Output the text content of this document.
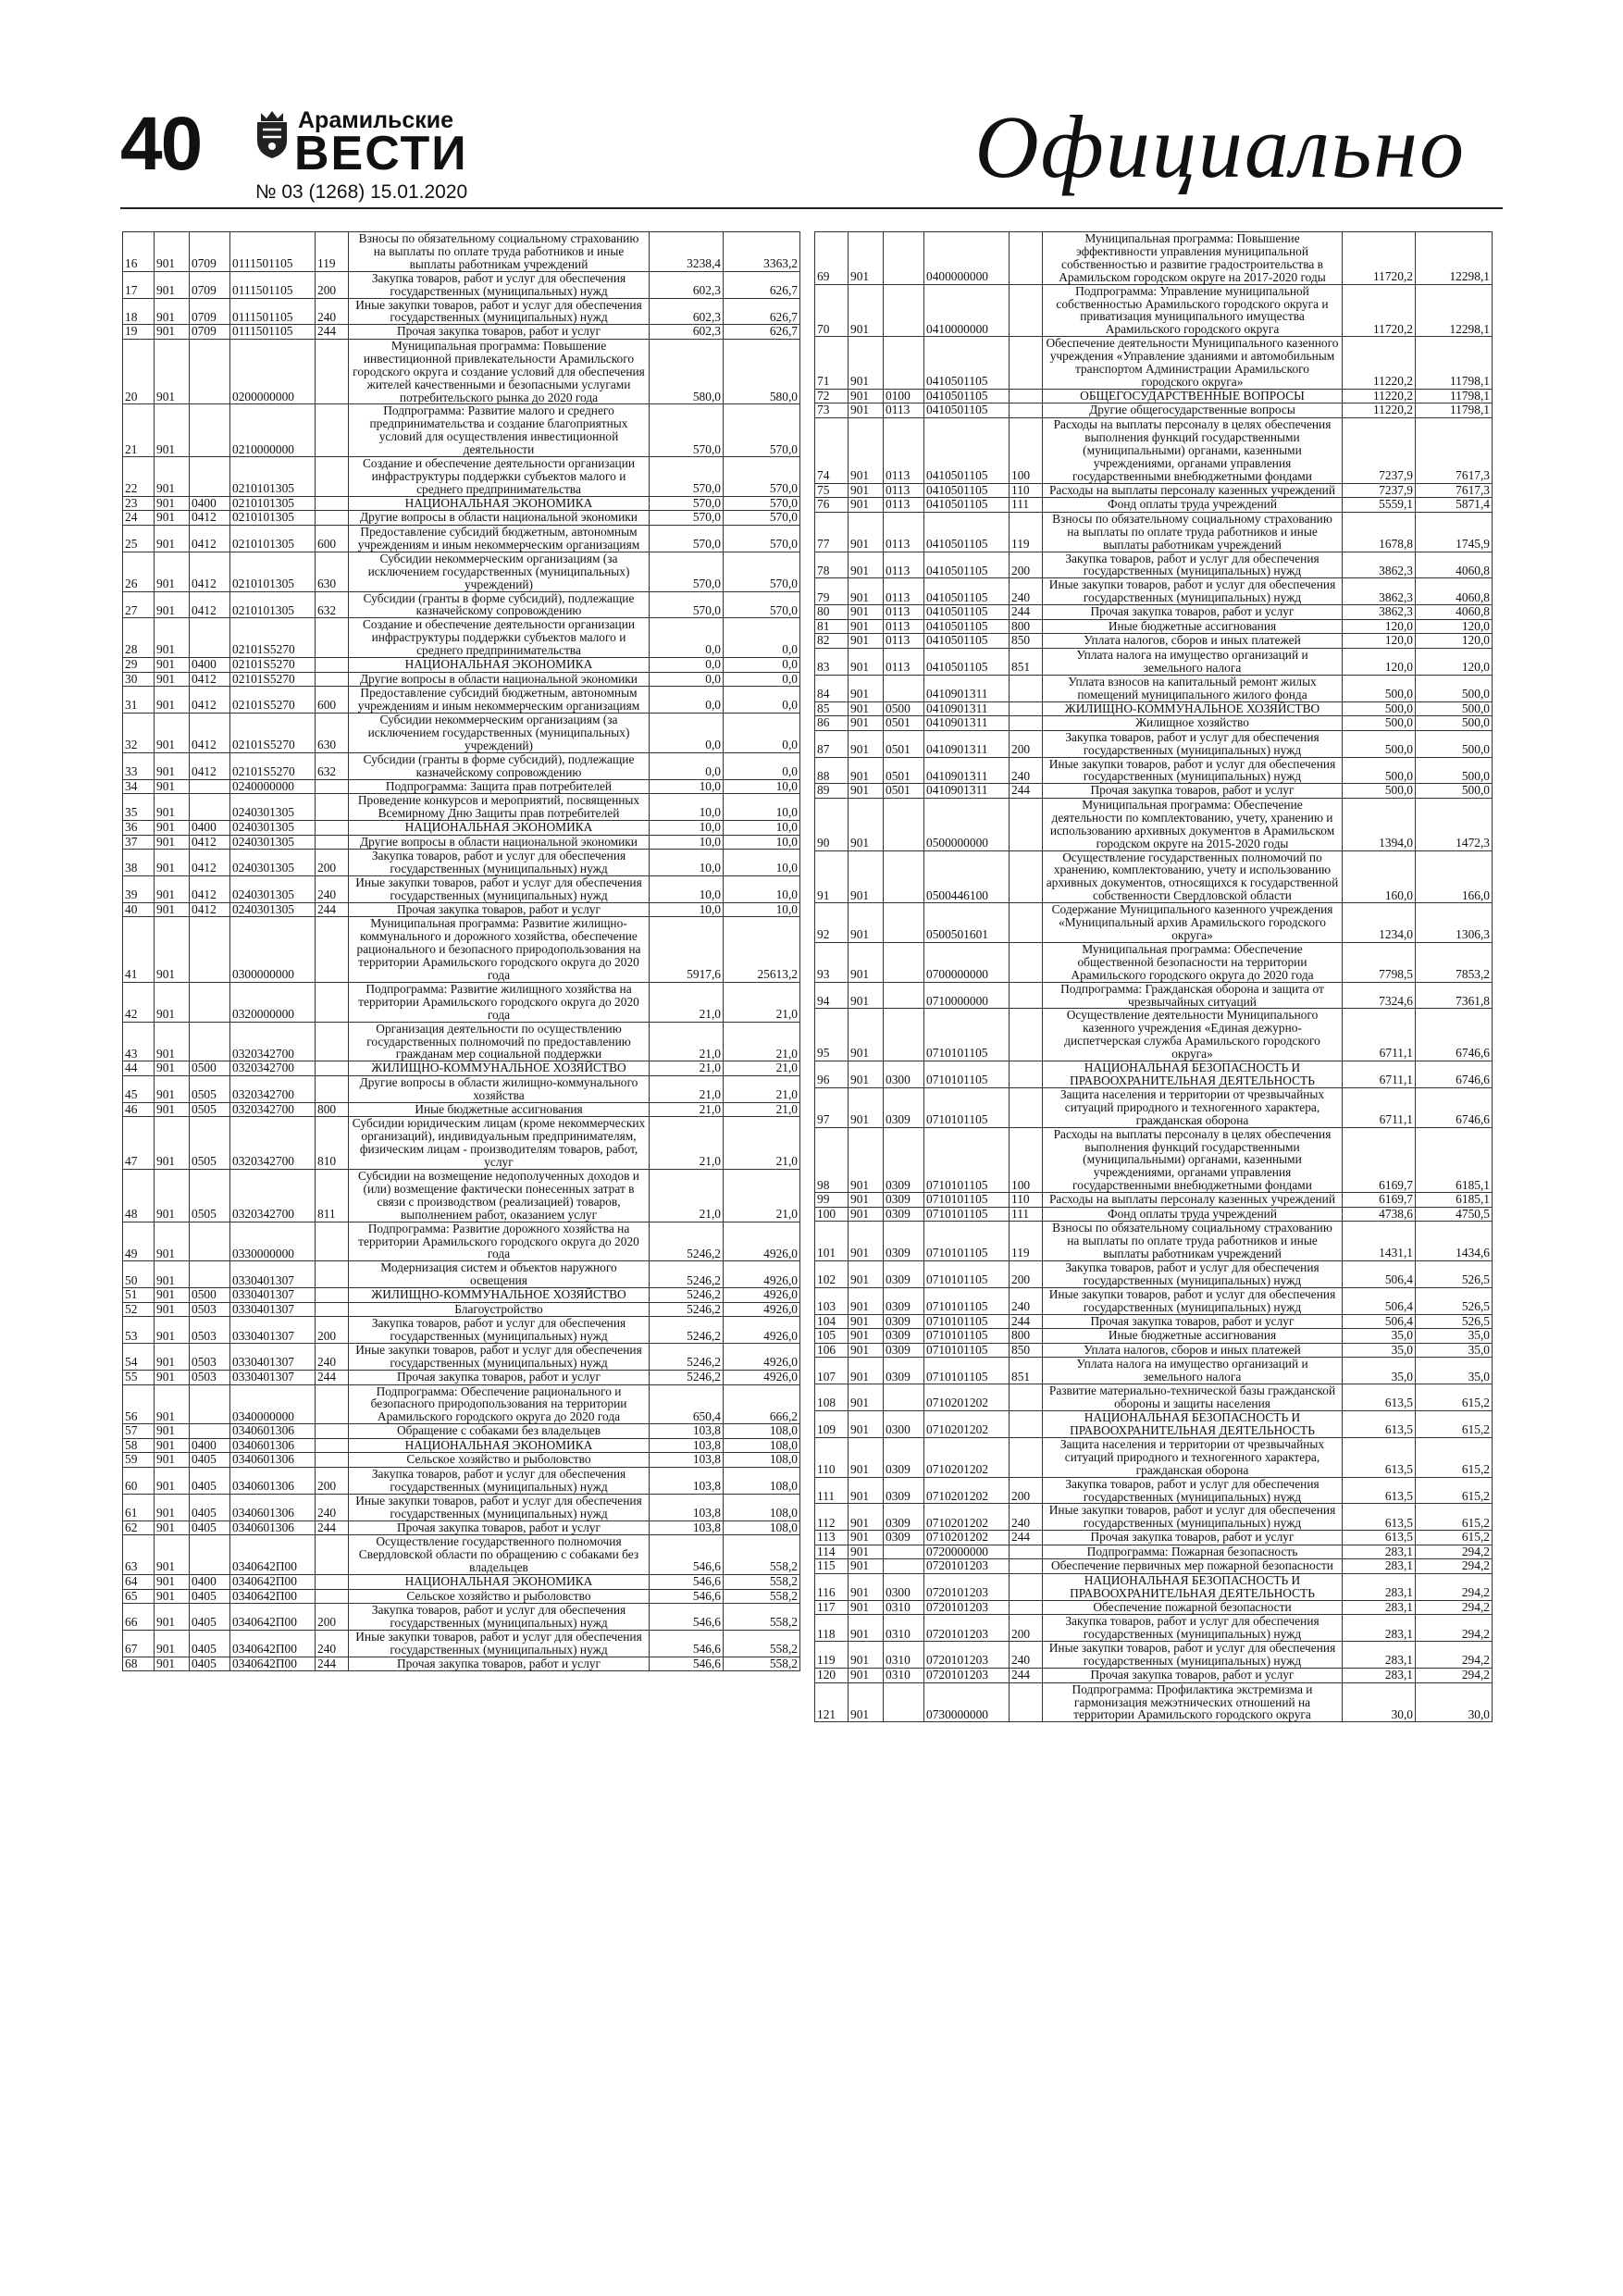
40	Арамильские
ВЕСТИ
№ 03 (1268) 15.01.2020	Официально
16	901	0709	0111501105	119	Взносы по обязательному социальному страхованию на выплаты по оплате труда работников и иные выплаты работникам учреждений	3238,4	3363,2
17	901	0709	0111501105	200	Закупка товаров, работ и услуг для обеспечения государственных (муниципальных) нужд	602,3	626,7
18	901	0709	0111501105	240	Иные закупки товаров, работ и услуг для обеспечения государственных (муниципальных) нужд	602,3	626,7
19	901	0709	0111501105	244	Прочая закупка товаров, работ и услуг	602,3	626,7
20	901		0200000000		Муниципальная программа: Повышение инвестиционной привлекательности Арамильского городского округа и создание условий для обеспечения жителей качественными и безопасными услугами потребительского рынка до 2020 года	580,0	580,0
21	901		0210000000		Подпрограмма: Развитие малого и среднего предпринимательства и создание благоприятных условий для осуществления инвестиционной деятельности	570,0	570,0
22	901		0210101305		Создание и обеспечение деятельности организации инфраструктуры поддержки субъектов малого и среднего предпринимательства	570,0	570,0
23	901	0400	0210101305		НАЦИОНАЛЬНАЯ ЭКОНОМИКА	570,0	570,0
24	901	0412	0210101305		Другие вопросы в области национальной экономики	570,0	570,0
25	901	0412	0210101305	600	Предоставление субсидий бюджетным, автономным учреждениям и иным некоммерческим организациям	570,0	570,0
26	901	0412	0210101305	630	Субсидии некоммерческим организациям (за исключением государственных (муниципальных) учреждений)	570,0	570,0
27	901	0412	0210101305	632	Субсидии (гранты в форме субсидий), подлежащие казначейскому сопровождению	570,0	570,0
28	901		02101S5270		Создание и обеспечение деятельности организации инфраструктуры поддержки субъектов малого и среднего предпринимательства	0,0	0,0
29	901	0400	02101S5270		НАЦИОНАЛЬНАЯ ЭКОНОМИКА	0,0	0,0
30	901	0412	02101S5270		Другие вопросы в области национальной экономики	0,0	0,0
31	901	0412	02101S5270	600	Предоставление субсидий бюджетным, автономным учреждениям и иным некоммерческим организациям	0,0	0,0
32	901	0412	02101S5270	630	Субсидии некоммерческим организациям (за исключением государственных (муниципальных) учреждений)	0,0	0,0
33	901	0412	02101S5270	632	Субсидии (гранты в форме субсидий), подлежащие казначейскому сопровождению	0,0	0,0
34	901		0240000000		Подпрограмма: Защита прав потребителей	10,0	10,0
35	901		0240301305		Проведение конкурсов и мероприятий, посвященных Всемирному Дню Защиты прав потребителей	10,0	10,0
36	901	0400	0240301305		НАЦИОНАЛЬНАЯ ЭКОНОМИКА	10,0	10,0
37	901	0412	0240301305		Другие вопросы в области национальной экономики	10,0	10,0
38	901	0412	0240301305	200	Закупка товаров, работ и услуг для обеспечения государственных (муниципальных) нужд	10,0	10,0
39	901	0412	0240301305	240	Иные закупки товаров, работ и услуг для обеспечения государственных (муниципальных) нужд	10,0	10,0
40	901	0412	0240301305	244	Прочая закупка товаров, работ и услуг	10,0	10,0
41	901		0300000000		Муниципальная программа: Развитие жилищно-коммунального и дорожного хозяйства, обеспечение рационального и безопасного природопользования на территории Арамильского городского округа до 2020 года	5917,6	25613,2
42	901		0320000000		Подпрограмма: Развитие жилищного хозяйства на территории Арамильского городского округа до 2020 года	21,0	21,0
43	901		0320342700		Организация деятельности по осуществлению государственных полномочий по предоставлению гражданам мер социальной поддержки	21,0	21,0
44	901	0500	0320342700		ЖИЛИЩНО-КОММУНАЛЬНОЕ ХОЗЯЙСТВО	21,0	21,0
45	901	0505	0320342700		Другие вопросы в области жилищно-коммунального хозяйства	21,0	21,0
46	901	0505	0320342700	800	Иные бюджетные ассигнования	21,0	21,0
47	901	0505	0320342700	810	Субсидии юридическим лицам (кроме некоммерческих организаций), индивидуальным предпринимателям, физическим лицам - производителям товаров, работ, услуг	21,0	21,0
48	901	0505	0320342700	811	Субсидии на возмещение недополученных доходов и (или) возмещение фактически понесенных затрат в связи с производством (реализацией) товаров, выполнением работ, оказанием услуг	21,0	21,0
49	901		0330000000		Подпрограмма: Развитие дорожного хозяйства на территории Арамильского городского округа до 2020 года	5246,2	4926,0
50	901		0330401307		Модернизация систем и объектов наружного освещения	5246,2	4926,0
51	901	0500	0330401307		ЖИЛИЩНО-КОММУНАЛЬНОЕ ХОЗЯЙСТВО	5246,2	4926,0
52	901	0503	0330401307		Благоустройство	5246,2	4926,0
53	901	0503	0330401307	200	Закупка товаров, работ и услуг для обеспечения государственных (муниципальных) нужд	5246,2	4926,0
54	901	0503	0330401307	240	Иные закупки товаров, работ и услуг для обеспечения государственных (муниципальных) нужд	5246,2	4926,0
55	901	0503	0330401307	244	Прочая закупка товаров, работ и услуг	5246,2	4926,0
56	901		0340000000		Подпрограмма: Обеспечение рационального и безопасного природопользования на территории Арамильского городского округа до 2020 года	650,4	666,2
57	901		0340601306		Обращение с собаками без владельцев	103,8	108,0
58	901	0400	0340601306		НАЦИОНАЛЬНАЯ ЭКОНОМИКА	103,8	108,0
59	901	0405	0340601306		Сельское хозяйство и рыболовство	103,8	108,0
60	901	0405	0340601306	200	Закупка товаров, работ и услуг для обеспечения государственных (муниципальных) нужд	103,8	108,0
61	901	0405	0340601306	240	Иные закупки товаров, работ и услуг для обеспечения государственных (муниципальных) нужд	103,8	108,0
62	901	0405	0340601306	244	Прочая закупка товаров, работ и услуг	103,8	108,0
63	901		0340642П00		Осуществление государственного полномочия Свердловской области по обращению с собаками без владельцев	546,6	558,2
64	901	0400	0340642П00		НАЦИОНАЛЬНАЯ ЭКОНОМИКА	546,6	558,2
65	901	0405	0340642П00		Сельское хозяйство и рыболовство	546,6	558,2
66	901	0405	0340642П00	200	Закупка товаров, работ и услуг для обеспечения государственных (муниципальных) нужд	546,6	558,2
67	901	0405	0340642П00	240	Иные закупки товаров, работ и услуг для обеспечения государственных (муниципальных) нужд	546,6	558,2
68	901	0405	0340642П00	244	Прочая закупка товаров, работ и услуг	546,6	558,2
69	901		0400000000		Муниципальная программа: Повышение эффективности управления муниципальной собственностью и развитие градостроительства в Арамильском городском округе на 2017-2020 годы	11720,2	12298,1
70	901		0410000000		Подпрограмма: Управление муниципальной собственностью Арамильского городского округа и приватизация муниципального имущества Арамильского городского округа	11720,2	12298,1
71	901		0410501105		Обеспечение деятельности Муниципального казенного учреждения «Управление зданиями и автомобильным транспортом Администрации Арамильского городского округа»	11220,2	11798,1
72	901	0100	0410501105		ОБЩЕГОСУДАРСТВЕННЫЕ ВОПРОСЫ	11220,2	11798,1
73	901	0113	0410501105		Другие общегосударственные вопросы	11220,2	11798,1
74	901	0113	0410501105	100	Расходы на выплаты персоналу в целях обеспечения выполнения функций государственными (муниципальными) органами, казенными учреждениями, органами управления государственными внебюджетными фондами	7237,9	7617,3
75	901	0113	0410501105	110	Расходы на выплаты персоналу казенных учреждений	7237,9	7617,3
76	901	0113	0410501105	111	Фонд оплаты труда учреждений	5559,1	5871,4
77	901	0113	0410501105	119	Взносы по обязательному социальному страхованию на выплаты по оплате труда работников и иные выплаты работникам учреждений	1678,8	1745,9
78	901	0113	0410501105	200	Закупка товаров, работ и услуг для обеспечения государственных (муниципальных) нужд	3862,3	4060,8
79	901	0113	0410501105	240	Иные закупки товаров, работ и услуг для обеспечения государственных (муниципальных) нужд	3862,3	4060,8
80	901	0113	0410501105	244	Прочая закупка товаров, работ и услуг	3862,3	4060,8
81	901	0113	0410501105	800	Иные бюджетные ассигнования	120,0	120,0
82	901	0113	0410501105	850	Уплата налогов, сборов и иных платежей	120,0	120,0
83	901	0113	0410501105	851	Уплата налога на имущество организаций и земельного налога	120,0	120,0
84	901		0410901311		Уплата взносов на капитальный ремонт жилых помещений муниципального жилого фонда	500,0	500,0
85	901	0500	0410901311		ЖИЛИЩНО-КОММУНАЛЬНОЕ ХОЗЯЙСТВО	500,0	500,0
86	901	0501	0410901311		Жилищное хозяйство	500,0	500,0
87	901	0501	0410901311	200	Закупка товаров, работ и услуг для обеспечения государственных (муниципальных) нужд	500,0	500,0
88	901	0501	0410901311	240	Иные закупки товаров, работ и услуг для обеспечения государственных (муниципальных) нужд	500,0	500,0
89	901	0501	0410901311	244	Прочая закупка товаров, работ и услуг	500,0	500,0
90	901		0500000000		Муниципальная программа: Обеспечение деятельности по комплектованию, учету, хранению и использованию архивных документов в Арамильском городском округе на 2015-2020 годы	1394,0	1472,3
91	901		0500446100		Осуществление государственных полномочий по хранению, комплектованию, учету и использованию архивных документов, относящихся к государственной собственности Свердловской области	160,0	166,0
92	901		0500501601		Содержание Муниципального казенного учреждения «Муниципальный архив Арамильского городского округа»	1234,0	1306,3
93	901		0700000000		Муниципальная программа: Обеспечение общественной безопасности на территории Арамильского городского округа до 2020 года	7798,5	7853,2
94	901		0710000000		Подпрограмма: Гражданская оборона и защита от чрезвычайных ситуаций	7324,6	7361,8
95	901		0710101105		Осуществление деятельности Муниципального казенного учреждения «Единая дежурно-диспетчерская служба Арамильского городского округа»	6711,1	6746,6
96	901	0300	0710101105		НАЦИОНАЛЬНАЯ БЕЗОПАСНОСТЬ И ПРАВООХРАНИТЕЛЬНАЯ ДЕЯТЕЛЬНОСТЬ	6711,1	6746,6
97	901	0309	0710101105		Защита населения и территории от чрезвычайных ситуаций природного и техногенного характера, гражданская оборона	6711,1	6746,6
98	901	0309	0710101105	100	Расходы на выплаты персоналу в целях обеспечения выполнения функций государственными (муниципальными) органами, казенными учреждениями, органами управления государственными внебюджетными фондами	6169,7	6185,1
99	901	0309	0710101105	110	Расходы на выплаты персоналу казенных учреждений	6169,7	6185,1
100	901	0309	0710101105	111	Фонд оплаты труда учреждений	4738,6	4750,5
101	901	0309	0710101105	119	Взносы по обязательному социальному страхованию на выплаты по оплате труда работников и иные выплаты работникам учреждений	1431,1	1434,6
102	901	0309	0710101105	200	Закупка товаров, работ и услуг для обеспечения государственных (муниципальных) нужд	506,4	526,5
103	901	0309	0710101105	240	Иные закупки товаров, работ и услуг для обеспечения государственных (муниципальных) нужд	506,4	526,5
104	901	0309	0710101105	244	Прочая закупка товаров, работ и услуг	506,4	526,5
105	901	0309	0710101105	800	Иные бюджетные ассигнования	35,0	35,0
106	901	0309	0710101105	850	Уплата налогов, сборов и иных платежей	35,0	35,0
107	901	0309	0710101105	851	Уплата налога на имущество организаций и земельного налога	35,0	35,0
108	901		0710201202		Развитие материально-технической базы гражданской обороны и защиты населения	613,5	615,2
109	901	0300	0710201202		НАЦИОНАЛЬНАЯ БЕЗОПАСНОСТЬ И ПРАВООХРАНИТЕЛЬНАЯ ДЕЯТЕЛЬНОСТЬ	613,5	615,2
110	901	0309	0710201202		Защита населения и территории от чрезвычайных ситуаций природного и техногенного характера, гражданская оборона	613,5	615,2
111	901	0309	0710201202	200	Закупка товаров, работ и услуг для обеспечения государственных (муниципальных) нужд	613,5	615,2
112	901	0309	0710201202	240	Иные закупки товаров, работ и услуг для обеспечения государственных (муниципальных) нужд	613,5	615,2
113	901	0309	0710201202	244	Прочая закупка товаров, работ и услуг	613,5	615,2
114	901		0720000000		Подпрограмма: Пожарная безопасность	283,1	294,2
115	901		0720101203		Обеспечение первичных мер пожарной безопасности	283,1	294,2
116	901	0300	0720101203		НАЦИОНАЛЬНАЯ БЕЗОПАСНОСТЬ И ПРАВООХРАНИТЕЛЬНАЯ ДЕЯТЕЛЬНОСТЬ	283,1	294,2
117	901	0310	0720101203		Обеспечение пожарной безопасности	283,1	294,2
118	901	0310	0720101203	200	Закупка товаров, работ и услуг для обеспечения государственных (муниципальных) нужд	283,1	294,2
119	901	0310	0720101203	240	Иные закупки товаров, работ и услуг для обеспечения государственных (муниципальных) нужд	283,1	294,2
120	901	0310	0720101203	244	Прочая закупка товаров, работ и услуг	283,1	294,2
121	901		0730000000		Подпрограмма: Профилактика экстремизма и гармонизация межэтнических отношений на территории Арамильского городского округа	30,0	30,0
